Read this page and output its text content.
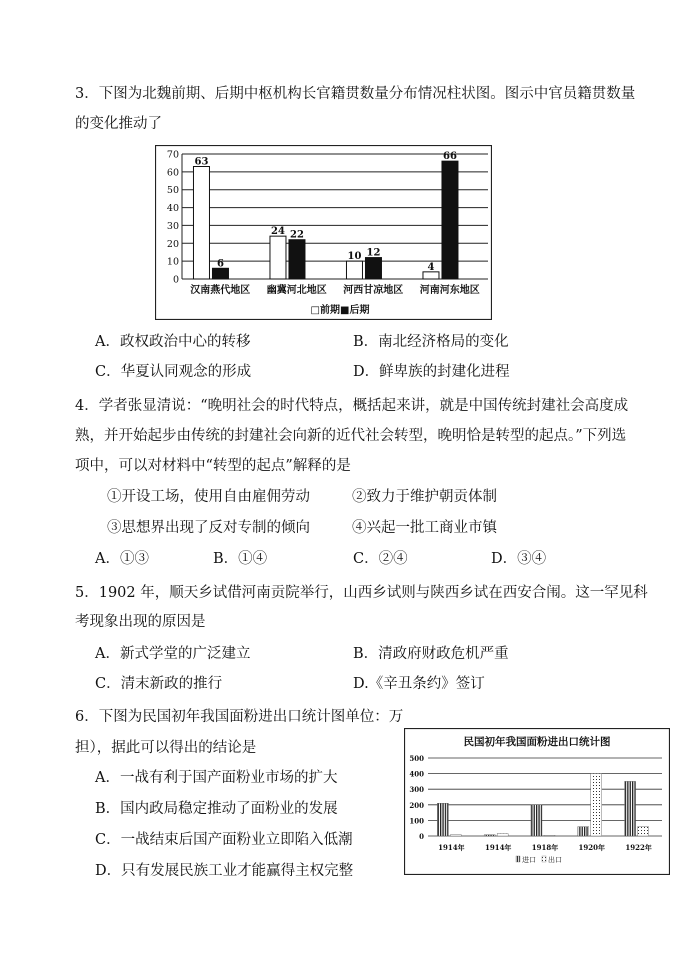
3．下图为北魏前期、后期中枢机构长官籍贯数量分布情况柱状图。图示中官员籍贯数量
的变化推动了
0
10
20
30
40
50
60
70
63
6
24 22
10 12
4
66
汉南燕代地区 幽冀河北地区 河西甘凉地区 河南河东地区
□前期■后期
A．政权政治中心的转移	B．南北经济格局的变化
C．华夏认同观念的形成	D．鲜卑族的封建化进程
4．学者张显清说：“晚明社会的时代特点，概括起来讲，就是中国传统封建社会高度成
熟，并开始起步由传统的封建社会向新的近代社会转型，晚明恰是转型的起点。”下列选
项中，可以对材料中“转型的起点”解释的是
①开设工场，使用自由雇佣劳动	②致力于维护朝贡体制
③思想界出现了反对专制的倾向	④兴起一批工商业市镇
A．①③	B．①④	C．②④	D．③④
5．1902 年，顺天乡试借河南贡院举行，山西乡试则与陕西乡试在西安合闱。这一罕见科
考现象出现的原因是
A．新式学堂的广泛建立	B．清政府财政危机严重
C．清末新政的推行	D.《辛丑条约》签订
6．下图为民国初年我国面粉进出口统计图单位：万
担），据此可以得出的结论是
A．一战有利于国产面粉业市场的扩大
B．国内政局稳定推动了面粉业的发展
C．一战结束后国产面粉业立即陷入低潮
D．只有发展民族工业才能赢得主权完整
民国初年我国面粉进出口统计图
0
100
200
300
400
500
1914年	1914年	1918年	1920年	1922年
进口 出口
